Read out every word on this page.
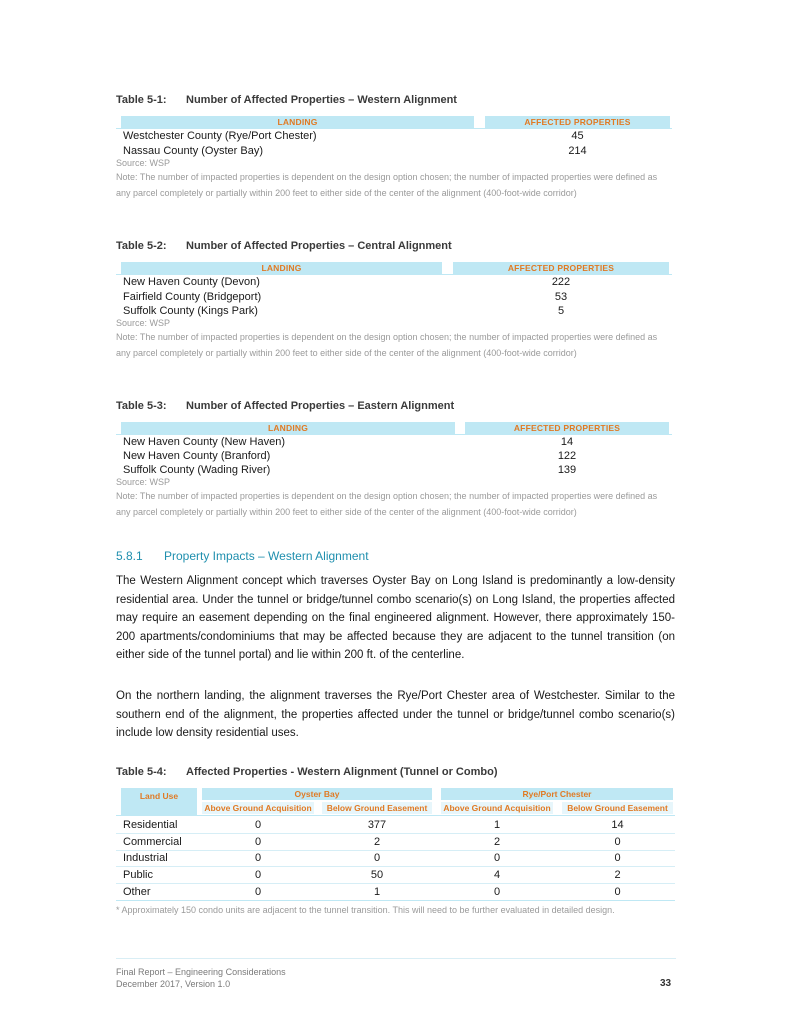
Table 5-1: Number of Affected Properties – Western Alignment
LANDING	AFFECTED PROPERTIES
Westchester County (Rye/Port Chester)	45
Nassau County (Oyster Bay)	214
Source: WSP
Note: The number of impacted properties is dependent on the design option chosen; the number of impacted properties were defined as any parcel completely or partially within 200 feet to either side of the center of the alignment (400-foot-wide corridor)
Table 5-2: Number of Affected Properties – Central Alignment
LANDING	AFFECTED PROPERTIES
New Haven County (Devon)	222
Fairfield County (Bridgeport)	53
Suffolk County (Kings Park)	5
Source: WSP
Note: The number of impacted properties is dependent on the design option chosen; the number of impacted properties were defined as any parcel completely or partially within 200 feet to either side of the center of the alignment (400-foot-wide corridor)
Table 5-3: Number of Affected Properties – Eastern Alignment
LANDING	AFFECTED PROPERTIES
New Haven County (New Haven)	14
New Haven County (Branford)	122
Suffolk County (Wading River)	139
Source: WSP
Note: The number of impacted properties is dependent on the design option chosen; the number of impacted properties were defined as any parcel completely or partially within 200 feet to either side of the center of the alignment (400-foot-wide corridor)
5.8.1 Property Impacts – Western Alignment
The Western Alignment concept which traverses Oyster Bay on Long Island is predominantly a low-density residential area. Under the tunnel or bridge/tunnel combo scenario(s) on Long Island, the properties affected may require an easement depending on the final engineered alignment. However, there approximately 150-200 apartments/condominiums that may be affected because they are adjacent to the tunnel transition (on either side of the tunnel portal) and lie within 200 ft. of the centerline.
On the northern landing, the alignment traverses the Rye/Port Chester area of Westchester. Similar to the southern end of the alignment, the properties affected under the tunnel or bridge/tunnel combo scenario(s) include low density residential uses.
Table 5-4: Affected Properties - Western Alignment (Tunnel or Combo)
Land Use	Oyster Bay	Rye/Port Chester
Above Ground Acquisition	Below Ground Easement	Above Ground Acquisition	Below Ground Easement
Residential	0	377	1	14
Commercial	0	2	2	0
Industrial	0	0	0	0
Public	0	50	4	2
Other	0	1	0	0
* Approximately 150 condo units are adjacent to the tunnel transition. This will need to be further evaluated in detailed design.
Final Report – Engineering Considerations
December 2017, Version 1.0	33
